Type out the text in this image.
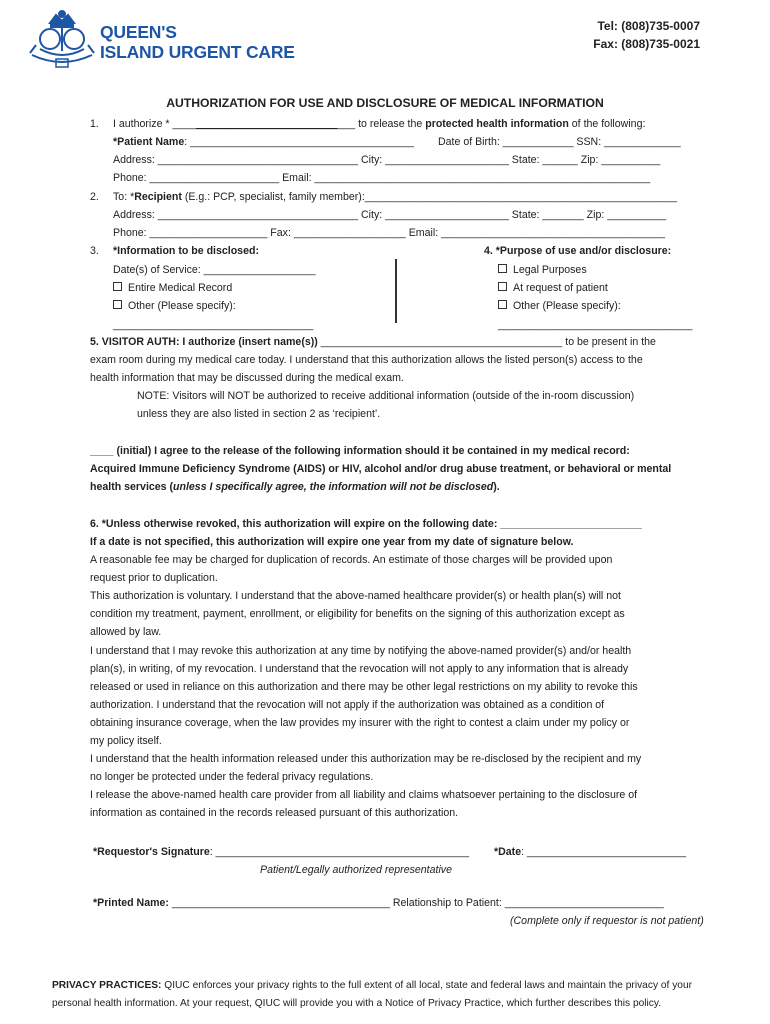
QUEEN'S
ISLAND URGENT CARE
Tel: (808)735-0007
Fax: (808)735-0021
AUTHORIZATION FOR USE AND DISCLOSURE OF MEDICAL INFORMATION
1. I authorize * _______________________________ to release the protected health information of the following:
*Patient Name: ______________________________________ Date of Birth: ____________ SSN: _____________
Address: __________________________________ City: _____________________ State: ______ Zip: __________
Phone: ______________________ Email: _________________________________________________________
2. To: *Recipient (E.g.: PCP, specialist, family member):_____________________________________________________
Address: __________________________________ City: _____________________ State: _______ Zip: __________
Phone: ____________________ Fax: ___________________ Email: ______________________________________
3. *Information to be disclosed:
Date(s) of Service: ___________________
Entire Medical Record
Other (Please specify):
__________________________________
4. *Purpose of use and/or disclosure:
Legal Purposes
At request of patient
Other (Please specify):
_________________________________
5. VISITOR AUTH: I authorize (insert name(s)) _________________________________________ to be present in the
exam room during my medical care today. I understand that this authorization allows the listed person(s) access to the
health information that may be discussed during the medical exam.
NOTE: Visitors will NOT be authorized to receive additional information (outside of the in-room discussion)
unless they are also listed in section 2 as ‘recipient’.
____ (initial) I agree to the release of the following information should it be contained in my medical record:
Acquired Immune Deficiency Syndrome (AIDS) or HIV, alcohol and/or drug abuse treatment, or behavioral or mental
health services (unless I specifically agree, the information will not be disclosed).
6. *Unless otherwise revoked, this authorization will expire on the following date: ________________________
If a date is not specified, this authorization will expire one year from my date of signature below.
A reasonable fee may be charged for duplication of records. An estimate of those charges will be provided upon
request prior to duplication.
This authorization is voluntary. I understand that the above-named healthcare provider(s) or health plan(s) will not
condition my treatment, payment, enrollment, or eligibility for benefits on the signing of this authorization except as
allowed by law.
I understand that I may revoke this authorization at any time by notifying the above-named provider(s) and/or health
plan(s), in writing, of my revocation. I understand that the revocation will not apply to any information that is already
released or used in reliance on this authorization and there may be other legal restrictions on my ability to revoke this
authorization. I understand that the revocation will not apply if the authorization was obtained as a condition of
obtaining insurance coverage, when the law provides my insurer with the right to contest a claim under my policy or
my policy itself.
I understand that the health information released under this authorization may be re-disclosed by the recipient and my
no longer be protected under the federal privacy regulations.
I release the above-named health care provider from all liability and claims whatsoever pertaining to the disclosure of
information as contained in the records released pursuant of this authorization.
*Requestor's Signature: ___________________________________________ *Date: ___________________________
Patient/Legally authorized representative
*Printed Name: _____________________________________ Relationship to Patient: ___________________________
(Complete only if requestor is not patient)
PRIVACY PRACTICES: QIUC enforces your privacy rights to the full extent of all local, state and federal laws and maintain the privacy of your
personal health information. At your request, QIUC will provide you with a Notice of Privacy Practice, which further describes this policy.
